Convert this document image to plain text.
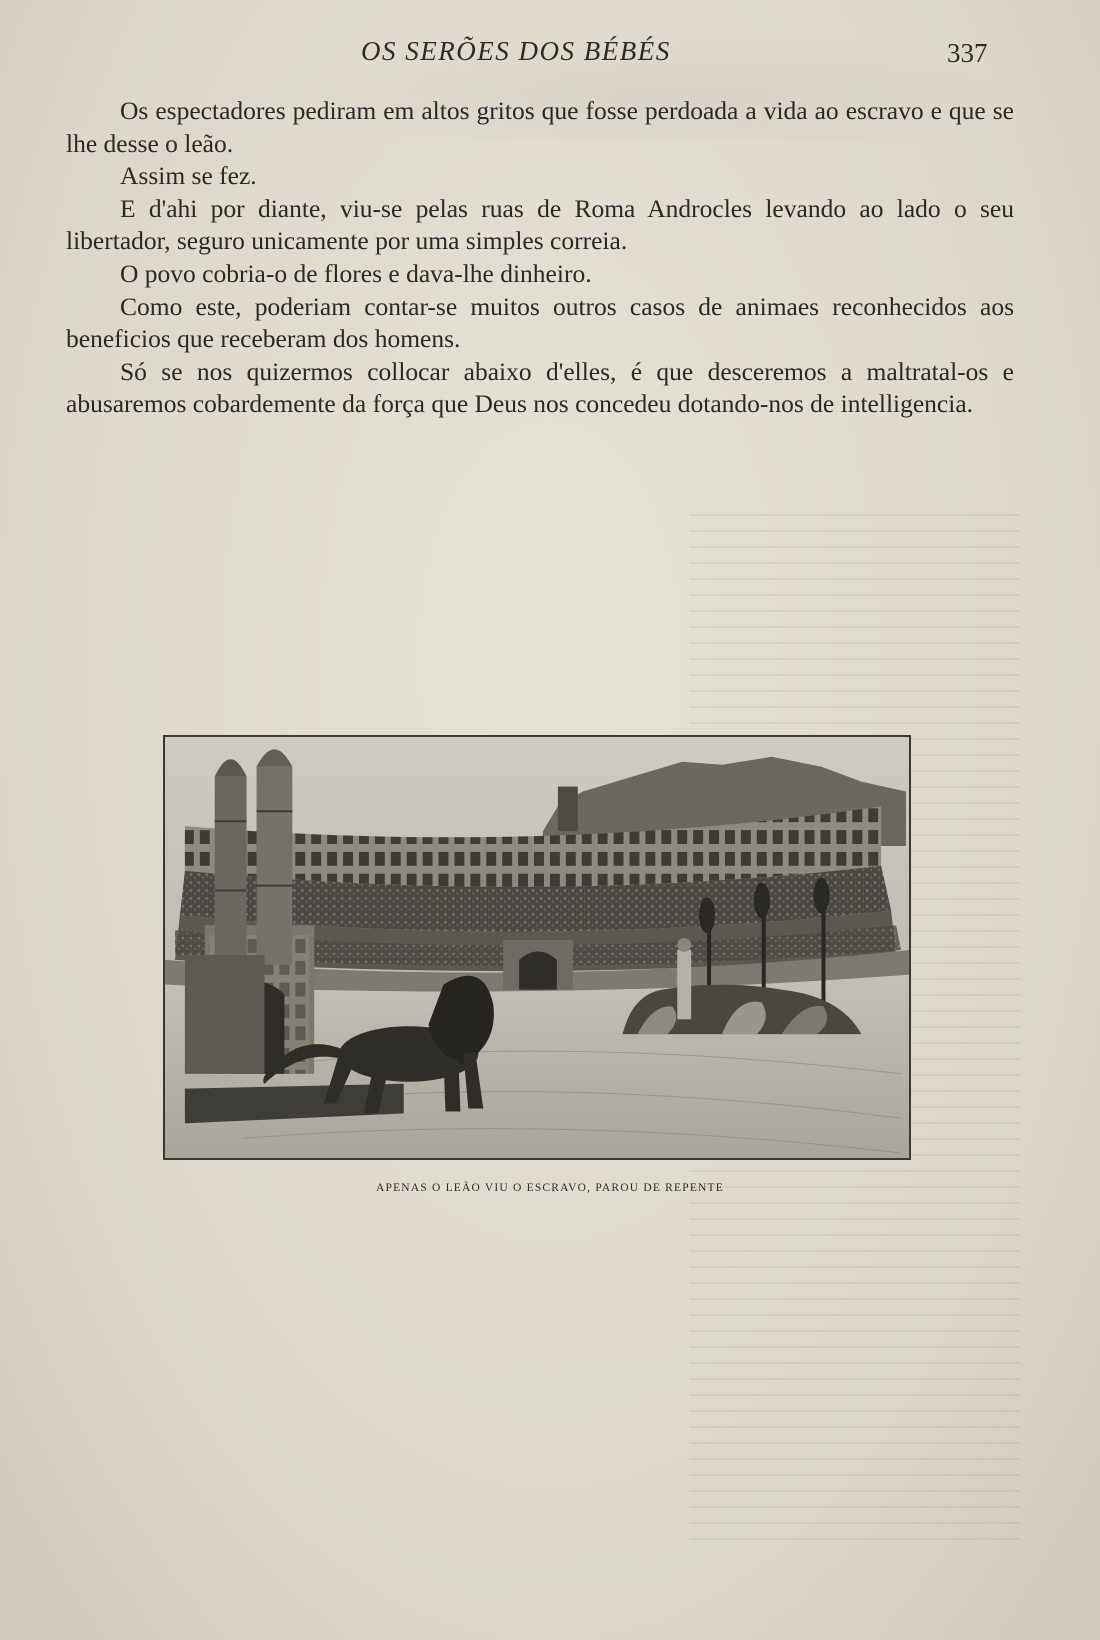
OS SERÕES DOS BÉBÉS	337

Os espectadores pediram em altos gritos que fosse perdoada a vida ao escravo e que se lhe desse o leão.

Assim se fez.

E d'ahi por diante, viu-se pelas ruas de Roma Androcles levando ao lado o seu libertador, seguro unicamente por uma simples correia.

O povo cobria-o de flores e dava-lhe dinheiro.

Como este, poderiam contar-se muitos outros casos de animaes reconhecidos aos beneficios que receberam dos homens.

Só se nos quizermos collocar abaixo d'elles, é que desceremos a maltratal-os e abusaremos cobardemente da força que Deus nos concedeu dotando-nos de intelligencia.

APENAS O LEÃO VIU O ESCRAVO, PAROU DE REPENTE
